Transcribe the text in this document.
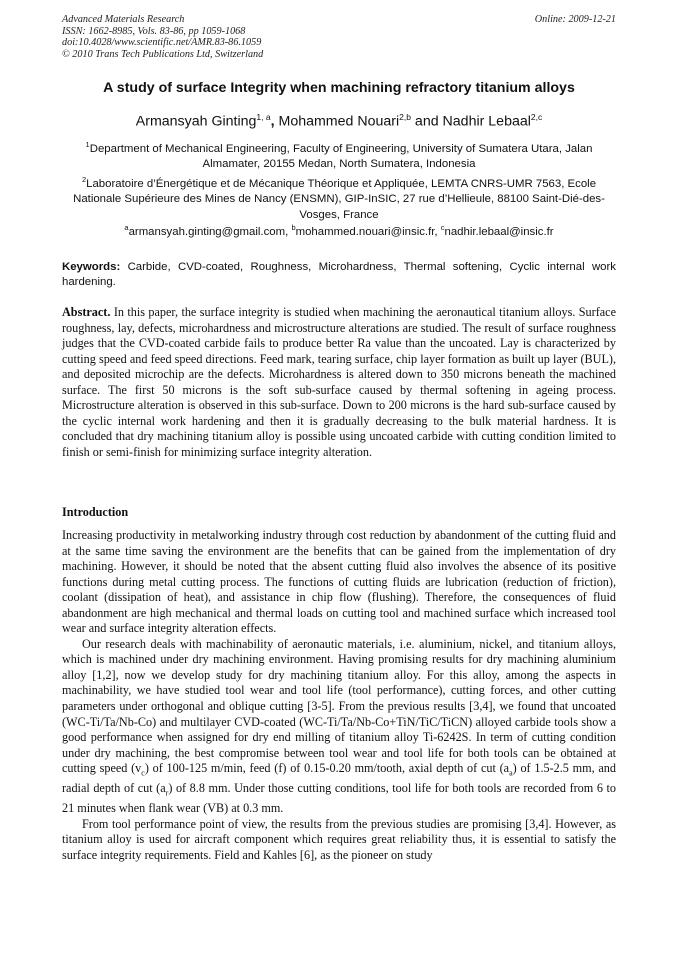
Advanced Materials Research
ISSN: 1662-8985, Vols. 83-86, pp 1059-1068
doi:10.4028/www.scientific.net/AMR.83-86.1059
© 2010 Trans Tech Publications Ltd, Switzerland
Online: 2009-12-21
A study of surface Integrity when machining refractory titanium alloys
Armansyah Ginting$^{1, a}$, Mohammed Nouari$^{2,b}$ and Nadhir Lebaal$^{2,c}$
$^1$Department of Mechanical Engineering, Faculty of Engineering, University of Sumatera Utara, Jalan Almamater, 20155 Medan, North Sumatera, Indonesia
$^2$Laboratoire d’Énergétique et de Mécanique Théorique et Appliquée, LEMTA CNRS-UMR 7563, Ecole Nationale Supérieure des Mines de Nancy (ENSMN), GIP-InSIC, 27 rue d’Hellieule, 88100 Saint-Dié-des-Vosges, France
$^a$armansyah.ginting@gmail.com, $^b$mohammed.nouari@insic.fr, $^c$nadhir.lebaal@insic.fr
Keywords: Carbide, CVD-coated, Roughness, Microhardness, Thermal softening, Cyclic internal work hardening.
Abstract. In this paper, the surface integrity is studied when machining the aeronautical titanium alloys. Surface roughness, lay, defects, microhardness and microstructure alterations are studied. The result of surface roughness judges that the CVD-coated carbide fails to produce better Ra value than the uncoated. Lay is characterized by cutting speed and feed speed directions. Feed mark, tearing surface, chip layer formation as built up layer (BUL), and deposited microchip are the defects. Microhardness is altered down to 350 microns beneath the machined surface. The first 50 microns is the soft sub-surface caused by thermal softening in ageing process. Microstructure alteration is observed in this sub-surface. Down to 200 microns is the hard sub-surface caused by the cyclic internal work hardening and then it is gradually decreasing to the bulk material hardness. It is concluded that dry machining titanium alloy is possible using uncoated carbide with cutting condition limited to finish or semi-finish for minimizing surface integrity alteration.
Introduction

Increasing productivity in metalworking industry through cost reduction by abandonment of the cutting fluid and at the same time saving the environment are the benefits that can be gained from the implementation of dry machining. However, it should be noted that the absent cutting fluid also involves the absence of its positive functions during metal cutting process. The functions of cutting fluids are lubrication (reduction of friction), coolant (dissipation of heat), and assistance in chip flow (flushing). Therefore, the consequences of fluid abandonment are high mechanical and thermal loads on cutting tool and machined surface which increased tool wear and surface integrity alteration effects.

Our research deals with machinability of aeronautic materials, i.e. aluminium, nickel, and titanium alloys, which is machined under dry machining environment. Having promising results for dry machining aluminium alloy [1,2], now we develop study for dry machining titanium alloy. For this alloy, among the aspects in machinability, we have studied tool wear and tool life (tool performance), cutting forces, and other cutting parameters under orthogonal and oblique cutting [3-5]. From the previous results [3,4], we found that uncoated (WC-Ti/Ta/Nb-Co) and multilayer CVD-coated (WC-Ti/Ta/Nb-Co+TiN/TiC/TiCN) alloyed carbide tools show a good performance when assigned for dry end milling of titanium alloy Ti-6242S. In term of cutting condition under dry machining, the best compromise between tool wear and tool life for both tools can be obtained at cutting speed $(v_c)$ of 100-125 m/min, feed (f) of 0.15-0.20 mm/tooth, axial depth of cut $(a_a)$ of 1.5-2.5 mm, and radial depth of cut $(a_r)$ of 8.8 mm. Under those cutting conditions, tool life for both tools are recorded from 6 to 21 minutes when flank wear (VB) at 0.3 mm.

From tool performance point of view, the results from the previous studies are promising [3,4]. However, as titanium alloy is used for aircraft component which requires great reliability thus, it is essential to satisfy the surface integrity requirements. Field and Kahles [6], as the pioneer on study
